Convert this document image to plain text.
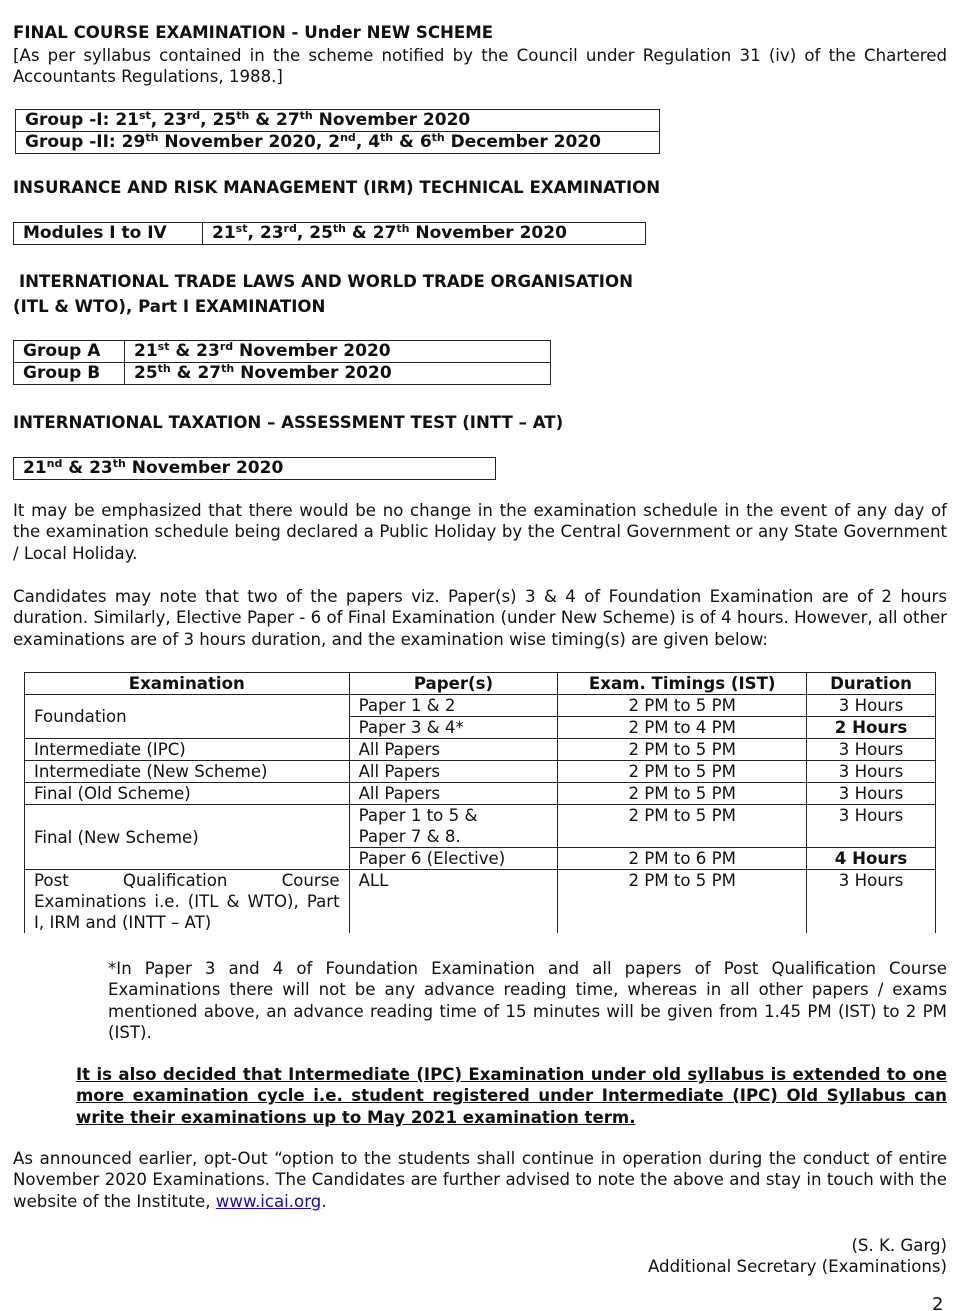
FINAL COURSE EXAMINATION - Under NEW SCHEME
[As per syllabus contained in the scheme notified by the Council under Regulation 31 (iv) of the Chartered Accountants Regulations, 1988.]
Group -I: 21st, 23rd, 25th & 27th November 2020
Group -II: 29th November 2020, 2nd, 4th & 6th December 2020
INSURANCE AND RISK MANAGEMENT (IRM) TECHNICAL EXAMINATION
Modules I to IV	21st, 23rd, 25th & 27th November 2020
INTERNATIONAL TRADE LAWS AND WORLD TRADE ORGANISATION
(ITL & WTO), Part I EXAMINATION
Group A	21st & 23rd November 2020
Group B	25th & 27th November 2020
INTERNATIONAL TAXATION – ASSESSMENT TEST (INTT – AT)
21nd & 23th November 2020
It may be emphasized that there would be no change in the examination schedule in the event of any day of the examination schedule being declared a Public Holiday by the Central Government or any State Government / Local Holiday.
Candidates may note that two of the papers viz. Paper(s) 3 & 4 of Foundation Examination are of 2 hours duration. Similarly, Elective Paper - 6 of Final Examination (under New Scheme) is of 4 hours. However, all other examinations are of 3 hours duration, and the examination wise timing(s) are given below:
Examination	Paper(s)	Exam. Timings (IST)	Duration
Foundation	Paper 1 & 2	2 PM to 5 PM	3 Hours
	Paper 3 & 4*	2 PM to 4 PM	2 Hours
Intermediate (IPC)	All Papers	2 PM to 5 PM	3 Hours
Intermediate (New Scheme)	All Papers	2 PM to 5 PM	3 Hours
Final (Old Scheme)	All Papers	2 PM to 5 PM	3 Hours
Final (New Scheme)	Paper 1 to 5 & Paper 7 & 8.	2 PM to 5 PM	3 Hours
	Paper 6 (Elective)	2 PM to 6 PM	4 Hours
Post Qualification Course Examinations i.e. (ITL & WTO), Part I, IRM and (INTT – AT)	ALL	2 PM to 5 PM	3 Hours
*In Paper 3 and 4 of Foundation Examination and all papers of Post Qualification Course Examinations there will not be any advance reading time, whereas in all other papers / exams mentioned above, an advance reading time of 15 minutes will be given from 1.45 PM (IST) to 2 PM (IST).
It is also decided that Intermediate (IPC) Examination under old syllabus is extended to one more examination cycle i.e. student registered under Intermediate (IPC) Old Syllabus can write their examinations up to May 2021 examination term.
As announced earlier, opt-Out “option to the students shall continue in operation during the conduct of entire November 2020 Examinations. The Candidates are further advised to note the above and stay in touch with the website of the Institute, www.icai.org.
(S. K. Garg)
Additional Secretary (Examinations)
2
